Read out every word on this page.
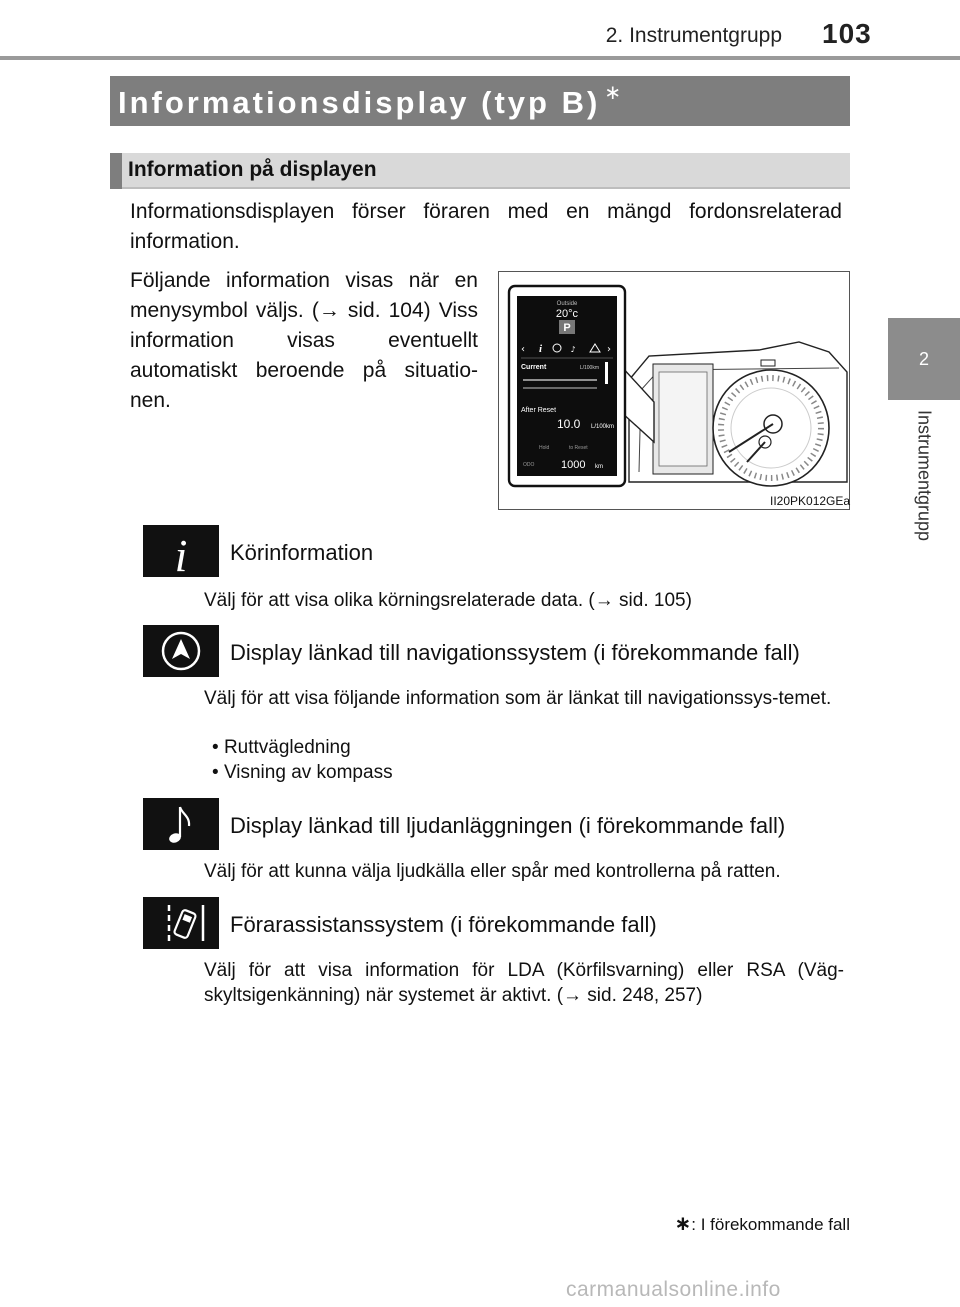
2. Instrumentgrupp 103
2
Instrumentgrupp
Informationsdisplay (typ B) ∗
Information på displayen
Informationsdisplayen förser föraren med en mängd fordonsrelaterad information.
Följande information visas när en menysymbol väljs. (→ sid. 104) Viss information visas eventuellt automatiskt beroende på situatio-nen.
Outside
20°c
P
‹	›
i	♪
Current	L/100km
After Reset
10.0 L/100km
Hold	to Reset
ODO 1000 km
II20PK012GEa
i Körinformation
Välj för att visa olika körningsrelaterade data. (→ sid. 105)
Display länkad till navigationssystem (i förekommande fall)
Välj för att visa följande information som är länkat till navigationssys-temet.
• Ruttvägledning
• Visning av kompass
Display länkad till ljudanläggningen (i förekommande fall)
Välj för att kunna välja ljudkälla eller spår med kontrollerna på ratten.
Förarassistanssystem (i förekommande fall)
Välj för att visa information för LDA (Körfilsvarning) eller RSA (Väg-skyltsigenkänning) när systemet är aktivt. (→ sid. 248, 257)
∗: I förekommande fall
carmanualsonline.info
